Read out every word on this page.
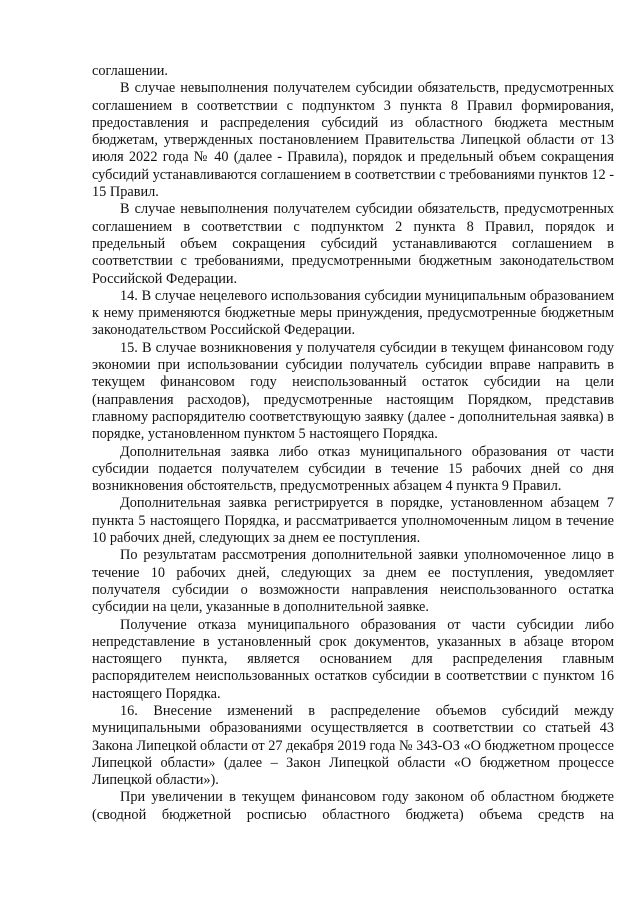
соглашении.

В случае невыполнения получателем субсидии обязательств, предусмотренных соглашением в соответствии с подпунктом 3 пункта 8 Правил формирования, предоставления и распределения субсидий из областного бюджета местным бюджетам, утвержденных постановлением Правительства Липецкой области от 13 июля 2022 года № 40 (далее - Правила), порядок и предельный объем сокращения субсидий устанавливаются соглашением в соответствии с требованиями пунктов 12 - 15 Правил.

В случае невыполнения получателем субсидии обязательств, предусмотренных соглашением в соответствии с подпунктом 2 пункта 8 Правил, порядок и предельный объем сокращения субсидий устанавливаются соглашением в соответствии с требованиями, предусмотренными бюджетным законодательством Российской Федерации.

14. В случае нецелевого использования субсидии муниципальным образованием к нему применяются бюджетные меры принуждения, предусмотренные бюджетным законодательством Российской Федерации.

15. В случае возникновения у получателя субсидии в текущем финансовом году экономии при использовании субсидии получатель субсидии вправе направить в текущем финансовом году неиспользованный остаток субсидии на цели (направления расходов), предусмотренные настоящим Порядком, представив главному распорядителю соответствующую заявку (далее - дополнительная заявка) в порядке, установленном пунктом 5 настоящего Порядка.

Дополнительная заявка либо отказ муниципального образования от части субсидии подается получателем субсидии в течение 15 рабочих дней со дня возникновения обстоятельств, предусмотренных абзацем 4 пункта 9 Правил.

Дополнительная заявка регистрируется в порядке, установленном абзацем 7 пункта 5 настоящего Порядка, и рассматривается уполномоченным лицом в течение 10 рабочих дней, следующих за днем ее поступления.

По результатам рассмотрения дополнительной заявки уполномоченное лицо в течение 10 рабочих дней, следующих за днем ее поступления, уведомляет получателя субсидии о возможности направления неиспользованного остатка субсидии на цели, указанные в дополнительной заявке.

Получение отказа муниципального образования от части субсидии либо непредставление в установленный срок документов, указанных в абзаце втором настоящего пункта, является основанием для распределения главным распорядителем неиспользованных остатков субсидии в соответствии с пунктом 16 настоящего Порядка.

16. Внесение изменений в распределение объемов субсидий между муниципальными образованиями осуществляется в соответствии со статьей 43 Закона Липецкой области от 27 декабря 2019 года № 343-ОЗ «О бюджетном процессе Липецкой области» (далее – Закон Липецкой области «О бюджетном процессе Липецкой области»).

При увеличении в текущем финансовом году законом об областном бюджете (сводной бюджетной росписью областного бюджета) объема средств на
